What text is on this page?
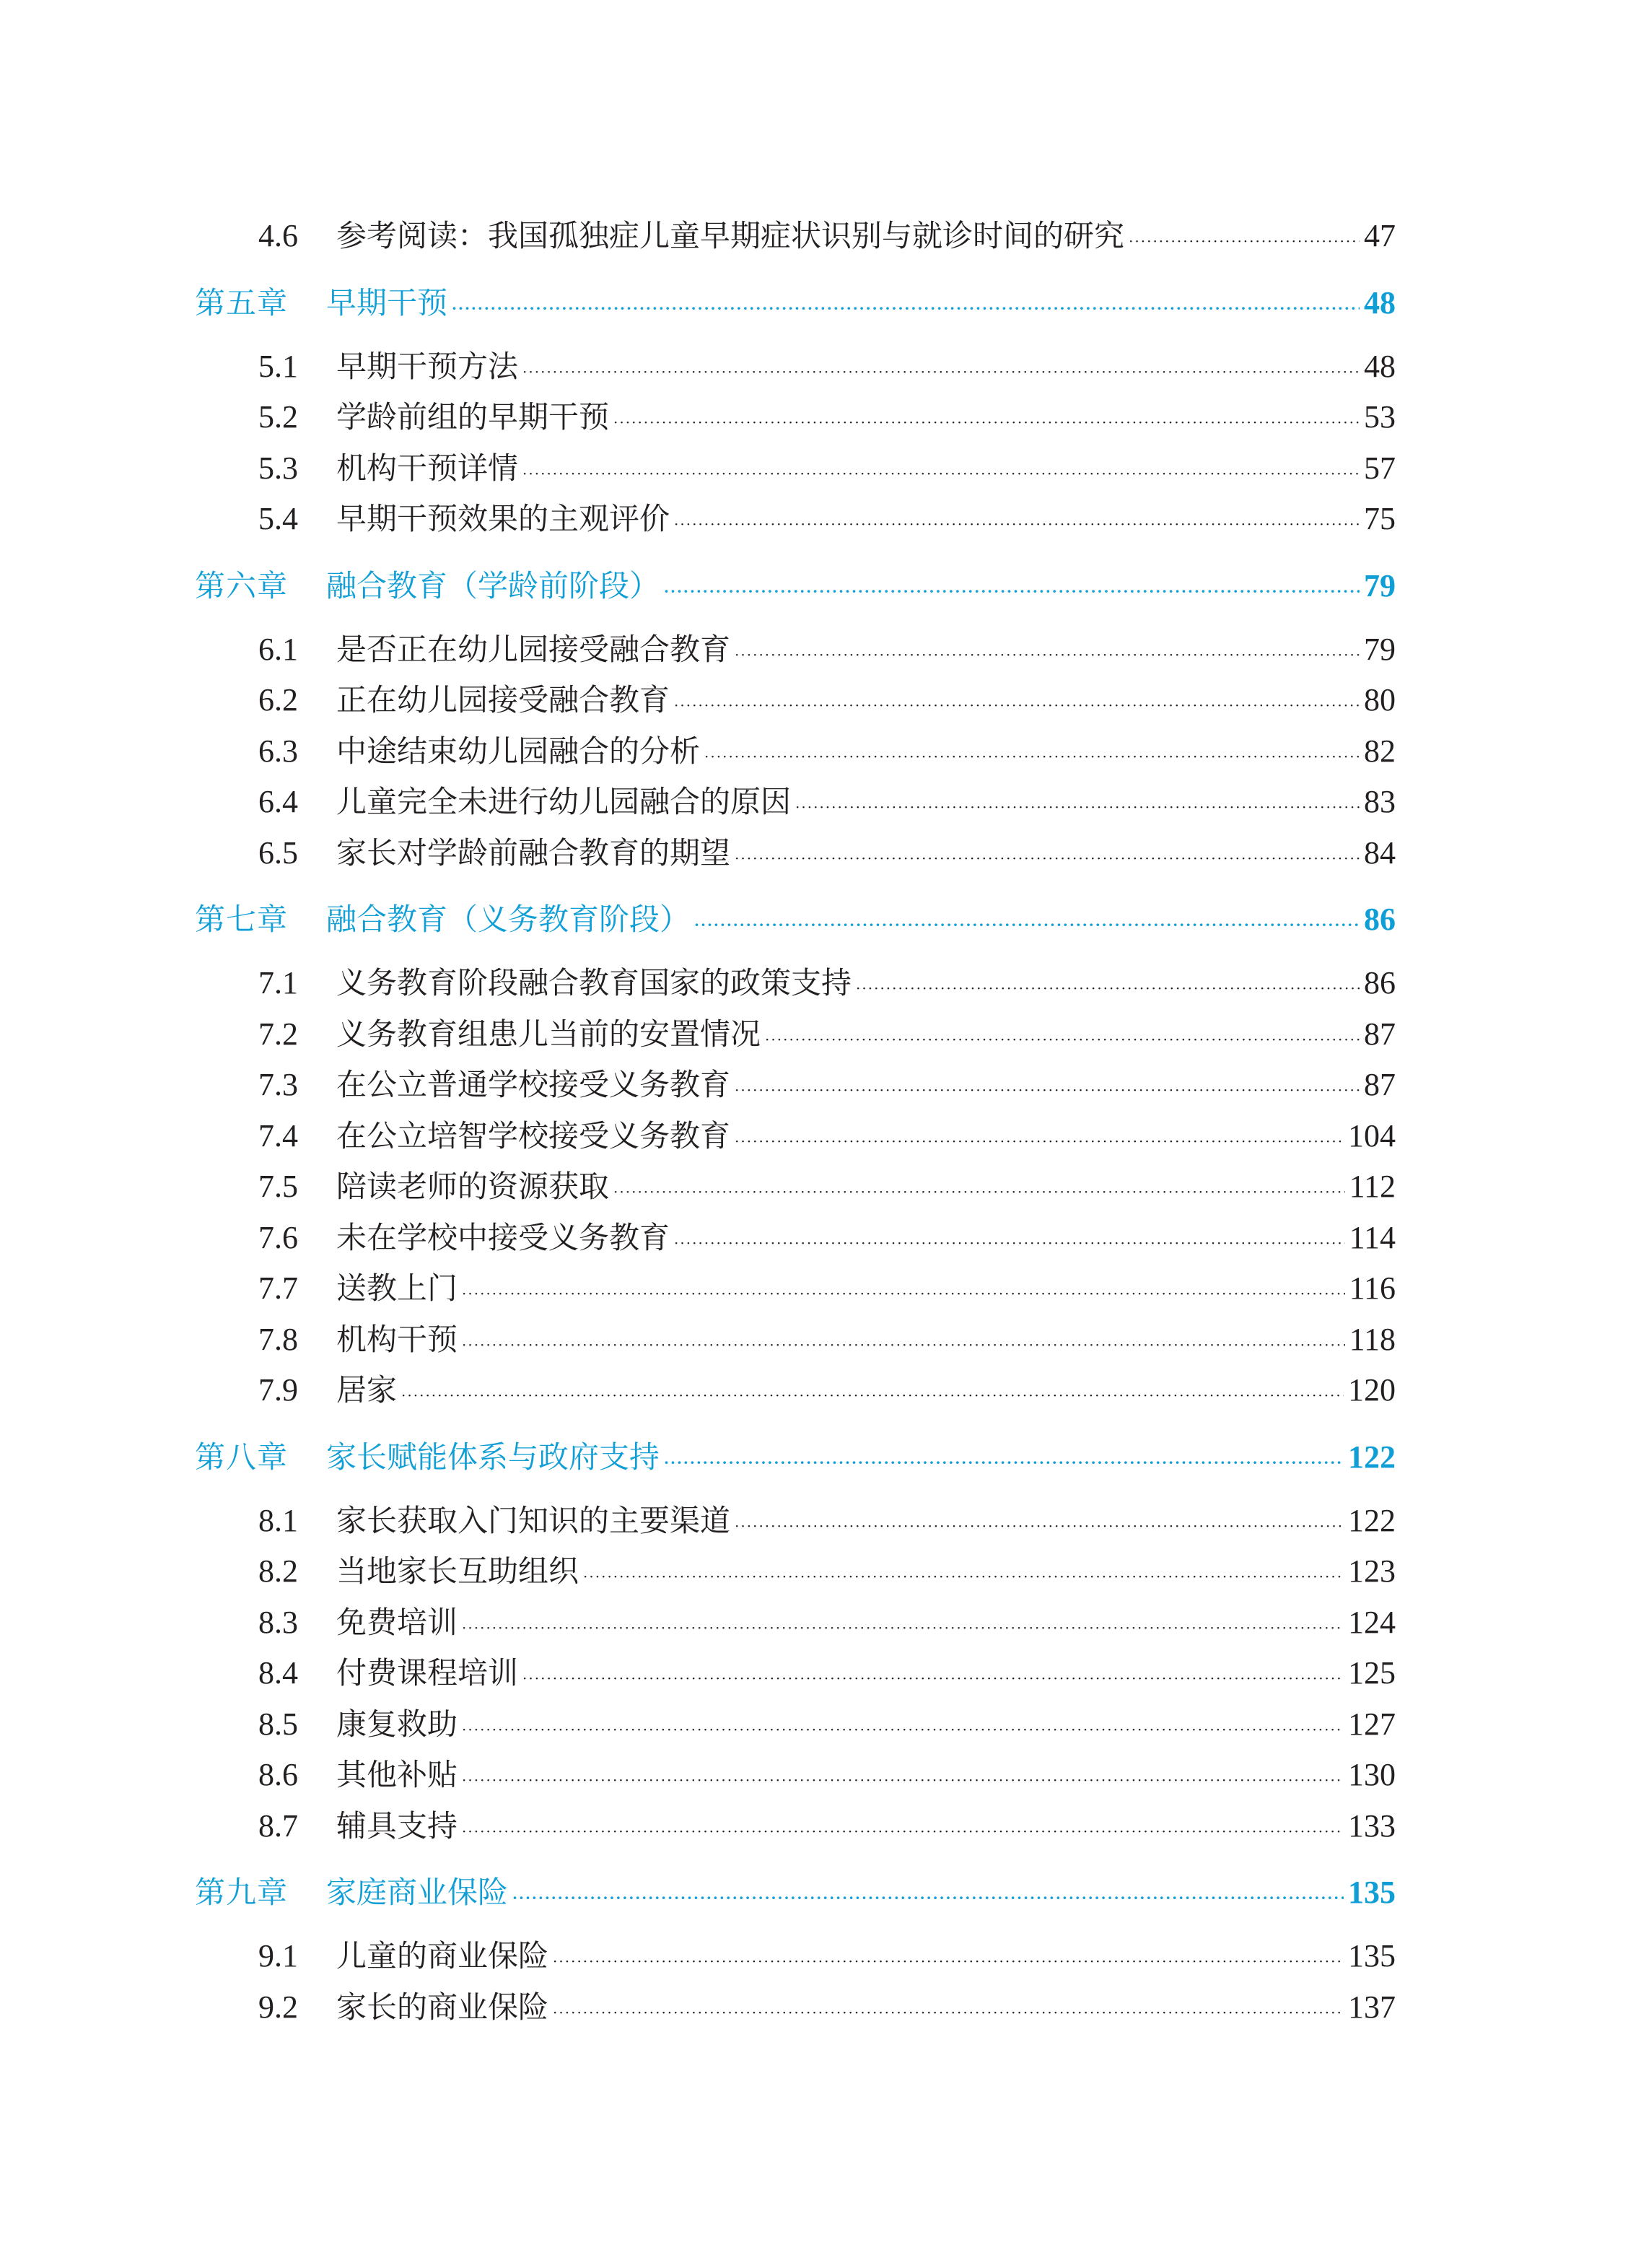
4.6	参考阅读：我国孤独症儿童早期症状识别与就诊时间的研究 ·····	47
第五章	早期干预 ·····	48
5.1	早期干预方法 ·····	48
5.2	学龄前组的早期干预 ·····	53
5.3	机构干预详情 ·····	57
5.4	早期干预效果的主观评价 ·····	75
第六章	融合教育（学龄前阶段） ·····	79
6.1	是否正在幼儿园接受融合教育 ·····	79
6.2	正在幼儿园接受融合教育 ·····	80
6.3	中途结束幼儿园融合的分析 ·····	82
6.4	儿童完全未进行幼儿园融合的原因 ·····	83
6.5	家长对学龄前融合教育的期望 ·····	84
第七章	融合教育（义务教育阶段） ·····	86
7.1	义务教育阶段融合教育国家的政策支持 ·····	86
7.2	义务教育组患儿当前的安置情况 ·····	87
7.3	在公立普通学校接受义务教育 ·····	87
7.4	在公立培智学校接受义务教育 ·····	104
7.5	陪读老师的资源获取 ·····	112
7.6	未在学校中接受义务教育 ·····	114
7.7	送教上门 ·····	116
7.8	机构干预 ·····	118
7.9	居家 ·····	120
第八章	家长赋能体系与政府支持 ·····	122
8.1	家长获取入门知识的主要渠道 ·····	122
8.2	当地家长互助组织 ·····	123
8.3	免费培训 ·····	124
8.4	付费课程培训 ·····	125
8.5	康复救助 ·····	127
8.6	其他补贴 ·····	130
8.7	辅具支持 ·····	133
第九章	家庭商业保险 ·····	135
9.1	儿童的商业保险 ·····	135
9.2	家长的商业保险 ·····	137
